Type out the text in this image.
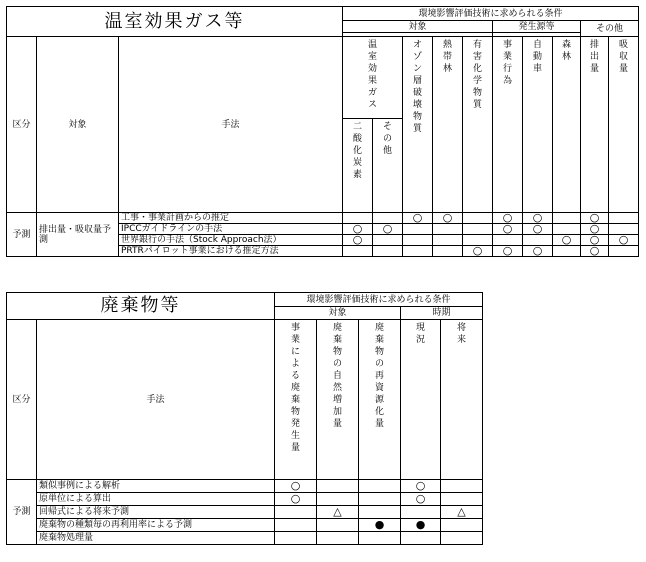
温室効果ガス等			環境影響評価技術に求められる条件									
			対象					発生源等			その他	

区分	対象	手法	温室効果ガス		オゾン層破壊物質	熱帯林	有害化学物質	事業行為	自動車	森林	排出量	吸収量

			二酸化炭素	その他								

予測	排出量・吸収量予測	工事・事業計画からの推定			○	○		○	○		○	
		IPCCガイドラインの手法	○	○				○	○		○	
		世界銀行の手法（Stock Approach法）	○							○	○	○
		PRTRパイロット事業における推定方法					○	○	○		○	
廃棄物等		環境影響評価技術に求められる条件				
		対象			時期	
区分	手法	事業による廃棄物発生量	廃棄物の自然増加量	廃棄物の再資源化量	現況	将来

予測	類似事例による解析	○			○	
	原単位による算出	○			○	
	回帰式による将来予測		△			△
	廃棄物の種類毎の再利用率による予測			●	●	
	廃棄物処理量					
